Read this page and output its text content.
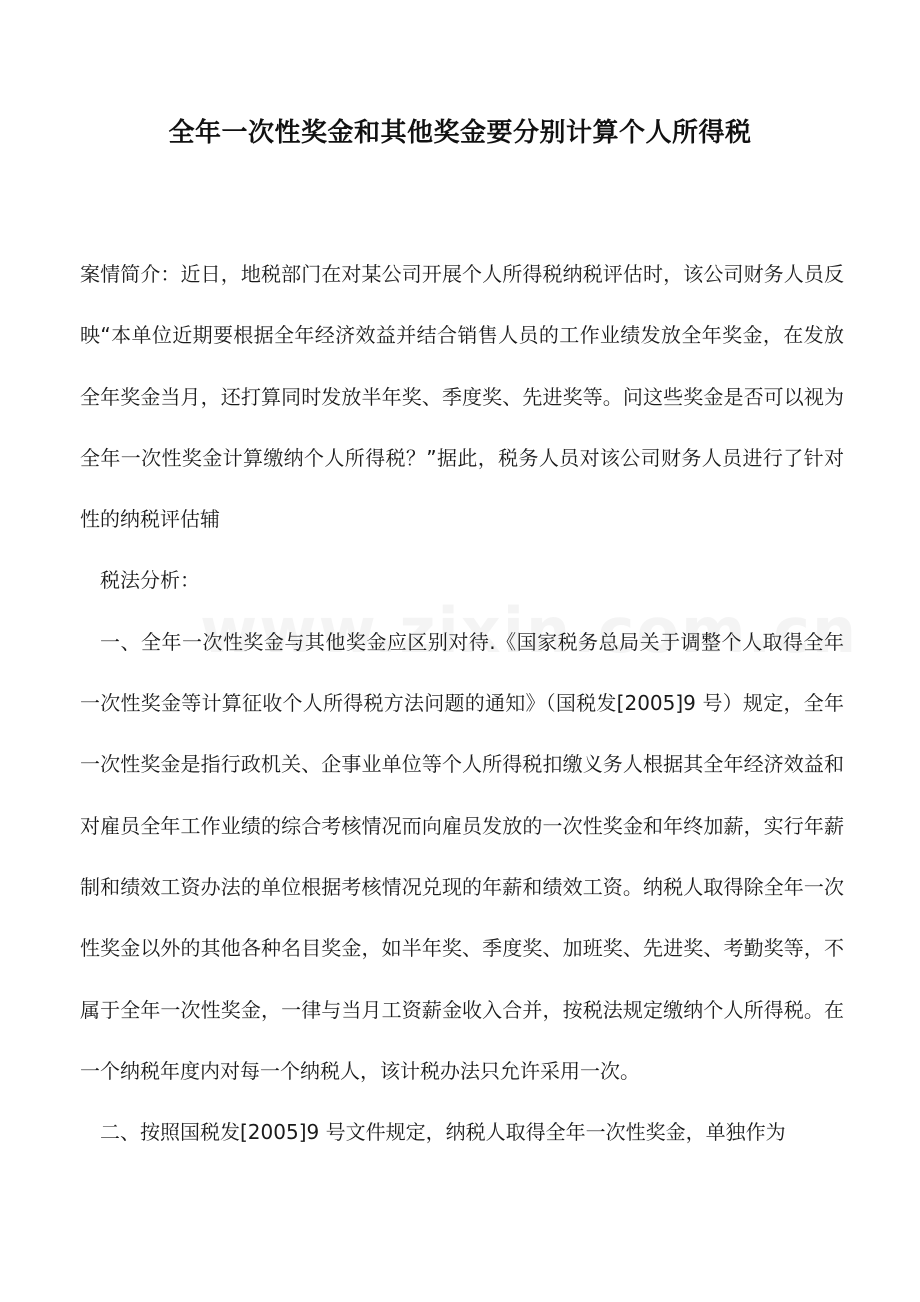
全年一次性奖金和其他奖金要分别计算个人所得税

案情简介：近日，地税部门在对某公司开展个人所得税纳税评估时，该公司财务人员反映“本单位近期要根据全年经济效益并结合销售人员的工作业绩发放全年奖金，在发放全年奖金当月，还打算同时发放半年奖、季度奖、先进奖等。问这些奖金是否可以视为全年一次性奖金计算缴纳个人所得税？”据此，税务人员对该公司财务人员进行了针对性的纳税评估辅

税法分析：

一、全年一次性奖金与其他奖金应区别对待.《国家税务总局关于调整个人取得全年一次性奖金等计算征收个人所得税方法问题的通知》（国税发[2005]9 号）规定，全年一次性奖金是指行政机关、企事业单位等个人所得税扣缴义务人根据其全年经济效益和对雇员全年工作业绩的综合考核情况而向雇员发放的一次性奖金和年终加薪，实行年薪制和绩效工资办法的单位根据考核情况兑现的年薪和绩效工资。纳税人取得除全年一次性奖金以外的其他各种名目奖金，如半年奖、季度奖、加班奖、先进奖、考勤奖等，不属于全年一次性奖金，一律与当月工资薪金收入合并，按税法规定缴纳个人所得税。在一个纳税年度内对每一个纳税人，该计税办法只允许采用一次。

二、按照国税发[2005]9 号文件规定，纳税人取得全年一次性奖金，单独作为
